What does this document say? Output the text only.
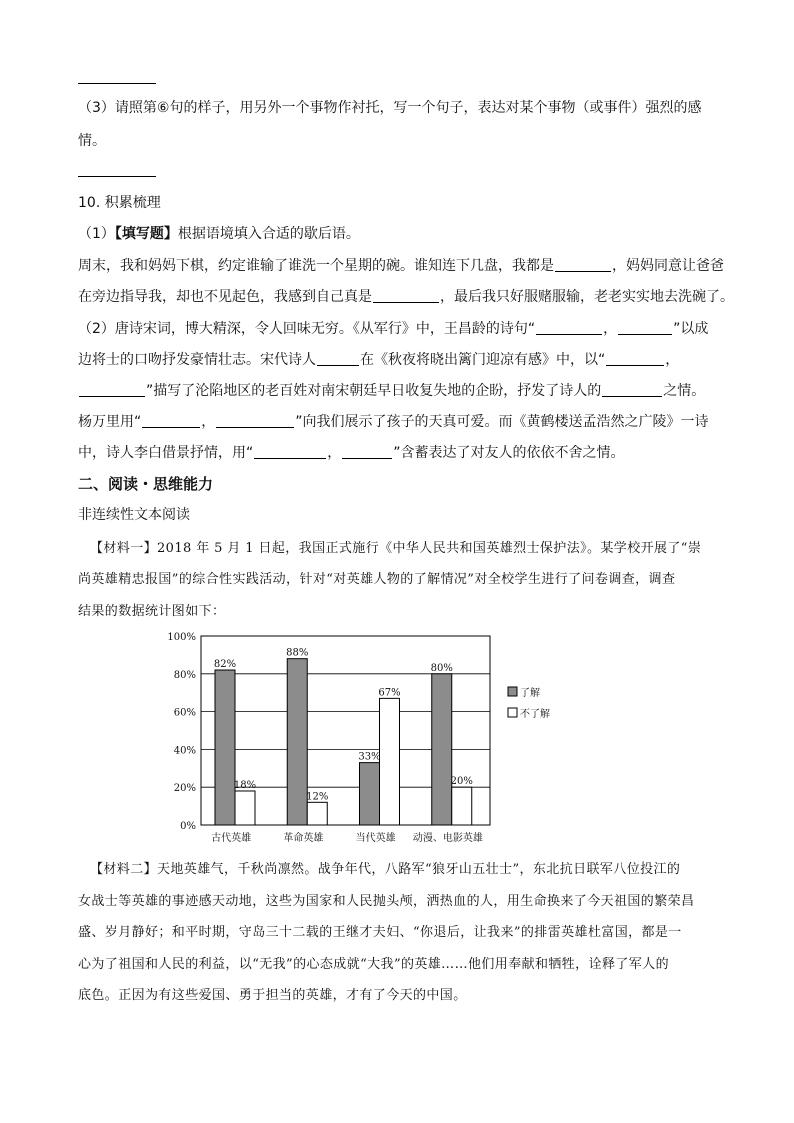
（3）请照第⑥句的样子，用另外一个事物作衬托，写一个句子，表达对某个事物（或事件）强烈的感
情。
10. 积累梳理
（1）【填写题】根据语境填入合适的歇后语。
周末，我和妈妈下棋，约定谁输了谁洗一个星期的碗。谁知连下几盘，我都是	，妈妈同意让爸爸
在旁边指导我，却也不见起色，我感到自己真是	，最后我只好服赌服输，老老实实地去洗碗了。
（2）唐诗宋词，博大精深，令人回味无穷。《从军行》中，王昌龄的诗句“	，	”以成
边将士的口吻抒发豪情壮志。宋代诗人	在《秋夜将晓出篱门迎凉有感》中，以“	，
”描写了沦陷地区的老百姓对南宋朝廷早日收复失地的企盼，抒发了诗人的	之情。
杨万里用“	，	”向我们展示了孩子的天真可爱。而《黄鹤楼送孟浩然之广陵》一诗
中，诗人李白借景抒情，用“	，	”含蓄表达了对友人的依依不舍之情。
二、阅读・思维能力
非连续性文本阅读
【材料一】2018 年 5 月 1 日起，我国正式施行《中华人民共和国英雄烈士保护法》。某学校开展了“崇
尚英雄精忠报国”的综合性实践活动，针对“对英雄人物的了解情况”对全校学生进行了问卷调查，调查
结果的数据统计图如下：
0%
20%
40%
60%
80%
100%
82%
18%
古代英雄
88%
12%
革命英雄
33%
67%
当代英雄
80%
20%
动漫、电影英雄
了解
不了解
【材料二】天地英雄气，千秋尚凛然。战争年代，八路军“狼牙山五壮士”，东北抗日联军八位投江的
女战士等英雄的事迹感天动地，这些为国家和人民抛头颅，洒热血的人，用生命换来了今天祖国的繁荣昌
盛、岁月静好；和平时期，守岛三十二载的王继才夫妇、“你退后，让我来”的排雷英雄杜富国，都是一
心为了祖国和人民的利益，以“无我”的心态成就“大我”的英雄……他们用奉献和牺牲，诠释了军人的
底色。正因为有这些爱国、勇于担当的英雄，才有了今天的中国。
